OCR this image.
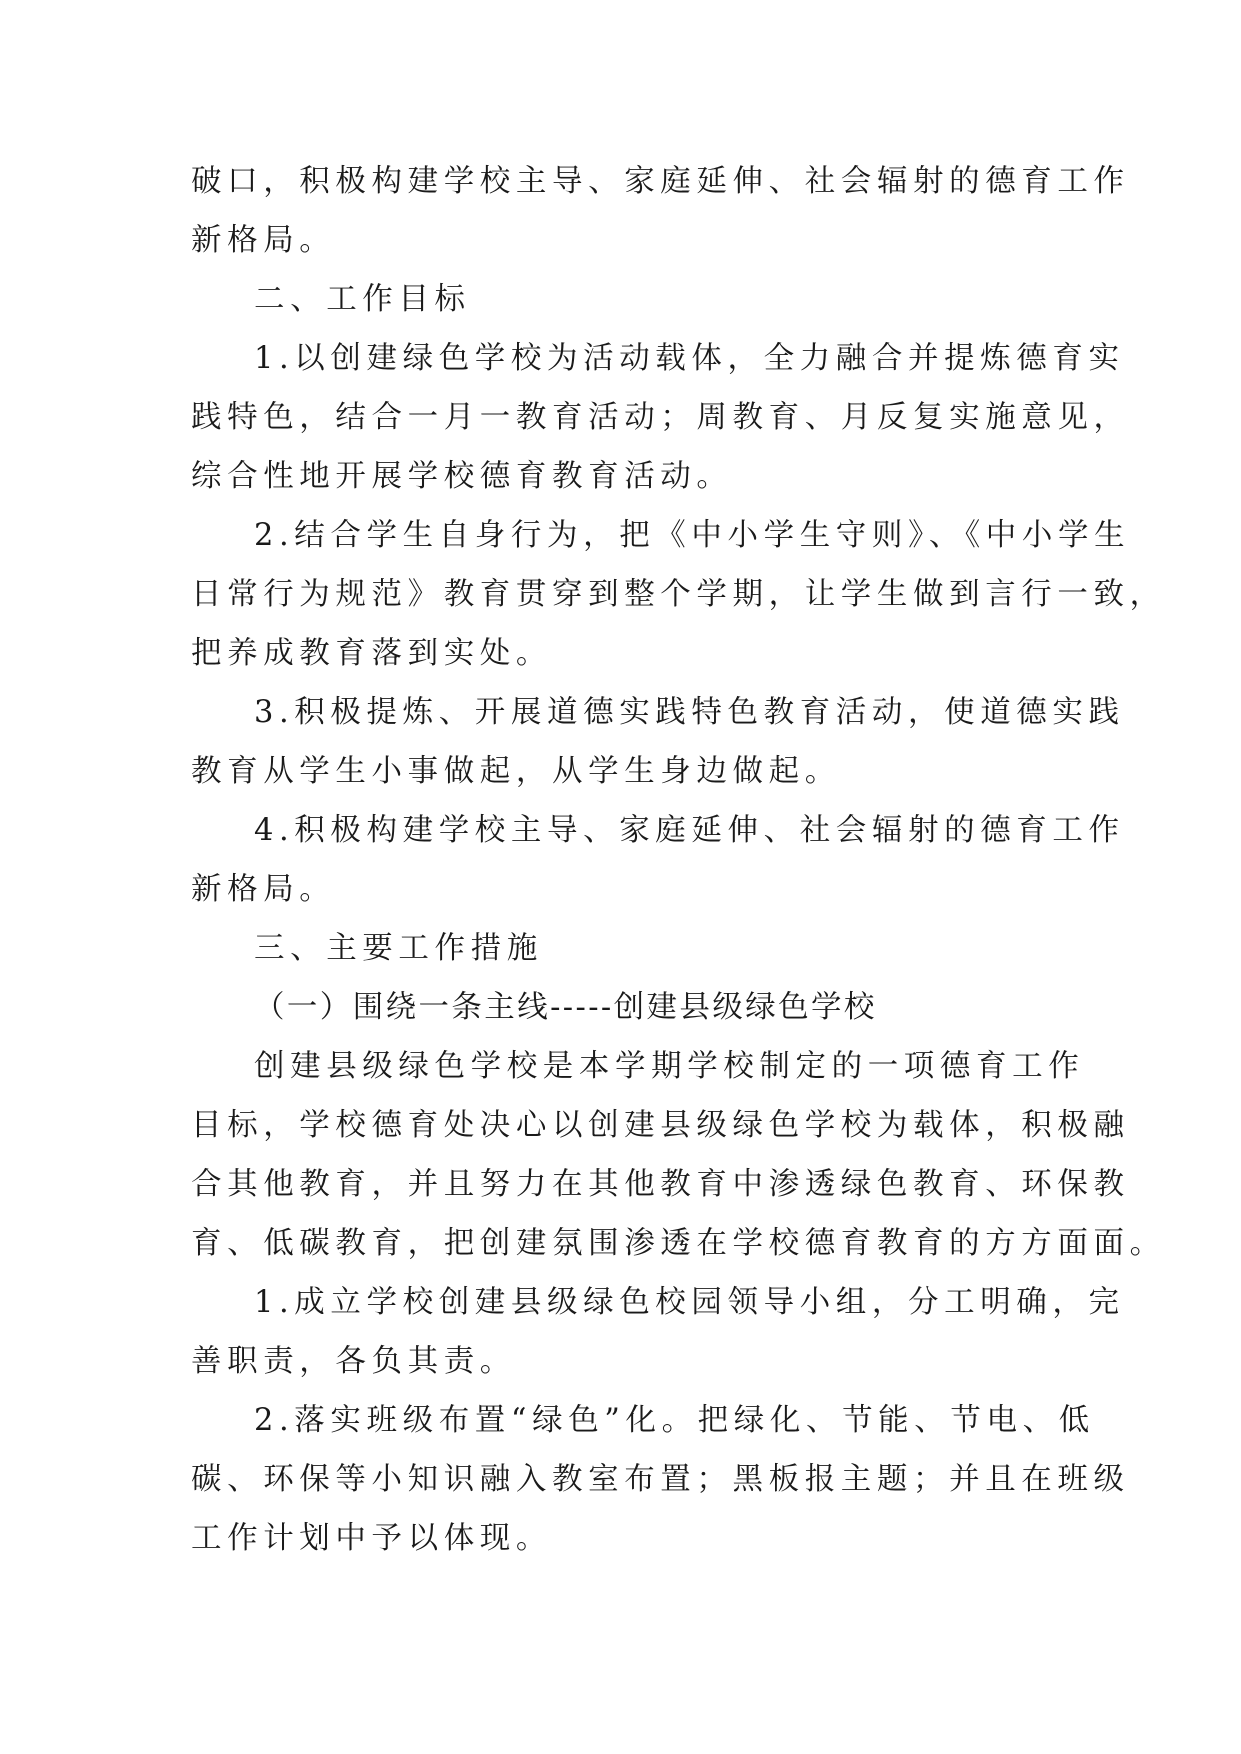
破口，积极构建学校主导、家庭延伸、社会辐射的德育工作
新格局。
二、工作目标
1.以创建绿色学校为活动载体，全力融合并提炼德育实
践特色，结合一月一教育活动；周教育、月反复实施意见，
综合性地开展学校德育教育活动。
2.结合学生自身行为，把《中小学生守则》、《中小学生
日常行为规范》教育贯穿到整个学期，让学生做到言行一致，
把养成教育落到实处。
3.积极提炼、开展道德实践特色教育活动，使道德实践
教育从学生小事做起，从学生身边做起。
4.积极构建学校主导、家庭延伸、社会辐射的德育工作
新格局。
三、主要工作措施
（一）围绕一条主线-----创建县级绿色学校
创建县级绿色学校是本学期学校制定的一项德育工作
目标，学校德育处决心以创建县级绿色学校为载体，积极融
合其他教育，并且努力在其他教育中渗透绿色教育、环保教
育、低碳教育，把创建氛围渗透在学校德育教育的方方面面。
1.成立学校创建县级绿色校园领导小组，分工明确，完
善职责，各负其责。
2.落实班级布置“绿色”化。把绿化、节能、节电、低
碳、环保等小知识融入教室布置；黑板报主题；并且在班级
工作计划中予以体现。
